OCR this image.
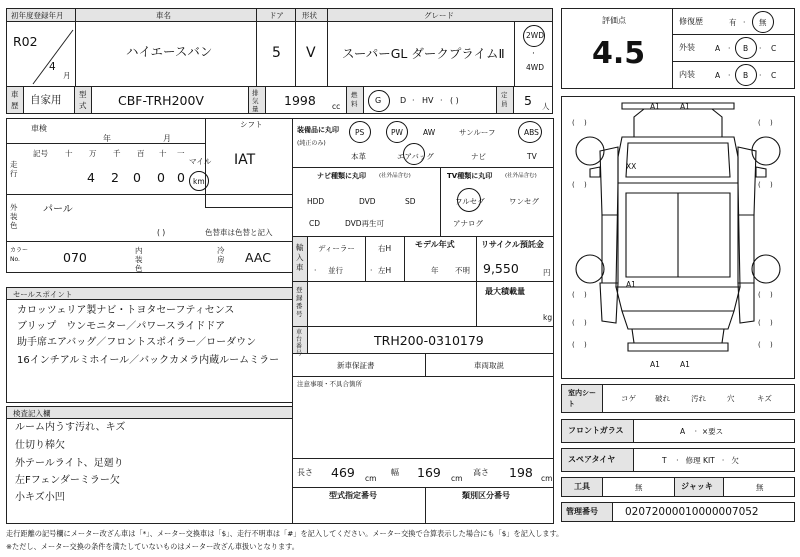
初年度登録年月	車名	ドア 形状	グレード
R02
4
月
ハイエースバン	5 V スーパーGL ダークプライムⅡ
2WD
·
4WD
評価点
4.5
修復歴	有 · 無
外装	A · B · C
内装	A · B · C
車
歴 自家用 型
式	CBF-TRH200V	排気量
1998 cc
燃料 G D · HV · ( )
定員 5 人
車検
年	月
シフト
IAT
走行
記号 十 万 千 百 十 一
マイル
4 2 0 0 0 km
外装色
パール
( )	色替車は色替と記入
カラーNo.	070	内装色
冷房 AAC
セールスポイント
カロッツェリア製ナビ・トヨタセーフティセンス
ブリップ　ウンモニター／パワースライドドア
助手席エアバッグ／フロントスポイラー／ローダウン
16インチアルミホイール／バックカメラ内蔵ルームミラー
検査記入欄
ルーム内うす汚れ、キズ
仕切り棒欠
外テールライト、足廻り
左Fフェンダーミラー欠
小キズ小凹
装備品に丸印
(純正のみ)
PS	PW	AW	サンルーフ	ABS
本革	エアバッグ	ナビ	TV
ナビ種類に丸印 (社外品含む)
HDD	DVD	SD
CD	DVD再生可
TV種類に丸印 (社外品含む)
フルセグ	ワンセグ
アナログ
輸入車
ディーラー
· 並行
右H
· 左H
モデル年式
年 不明
リサイクル預託金
9,550	円
登録番号
最大積載量
kg
車台番号
TRH200-0310179
新車保証書	車両取説
注意事項・不具合箇所
長さ 469 cm
幅 169 cm
高さ 198 cm
型式指定番号	類別区分番号
(　 )	(　 )
(　 )	(　 )
(　 )	(　 )
(　 )	(　 )
(　 )	(　 )
A1	A1
XX
A1
A1	A1
室内シート
コゲ	破れ	汚れ	穴	キズ
フロントガラス	A    ·  ×要ス
スペアタイヤ	T    ·   修理 KIT   ·   欠
工具	無	ジャッキ	無
管理番号	02072000010000007052
走行距離の記号欄にメーター改ざん車は「*」、メーター交換車は「$」、走行不明車は「#」を記入してください。メーター交換で合算表示した場合にも「$」を記入します。
※ただし、メーター交換の条件を満たしていないものはメーター改ざん車扱いとなります。
